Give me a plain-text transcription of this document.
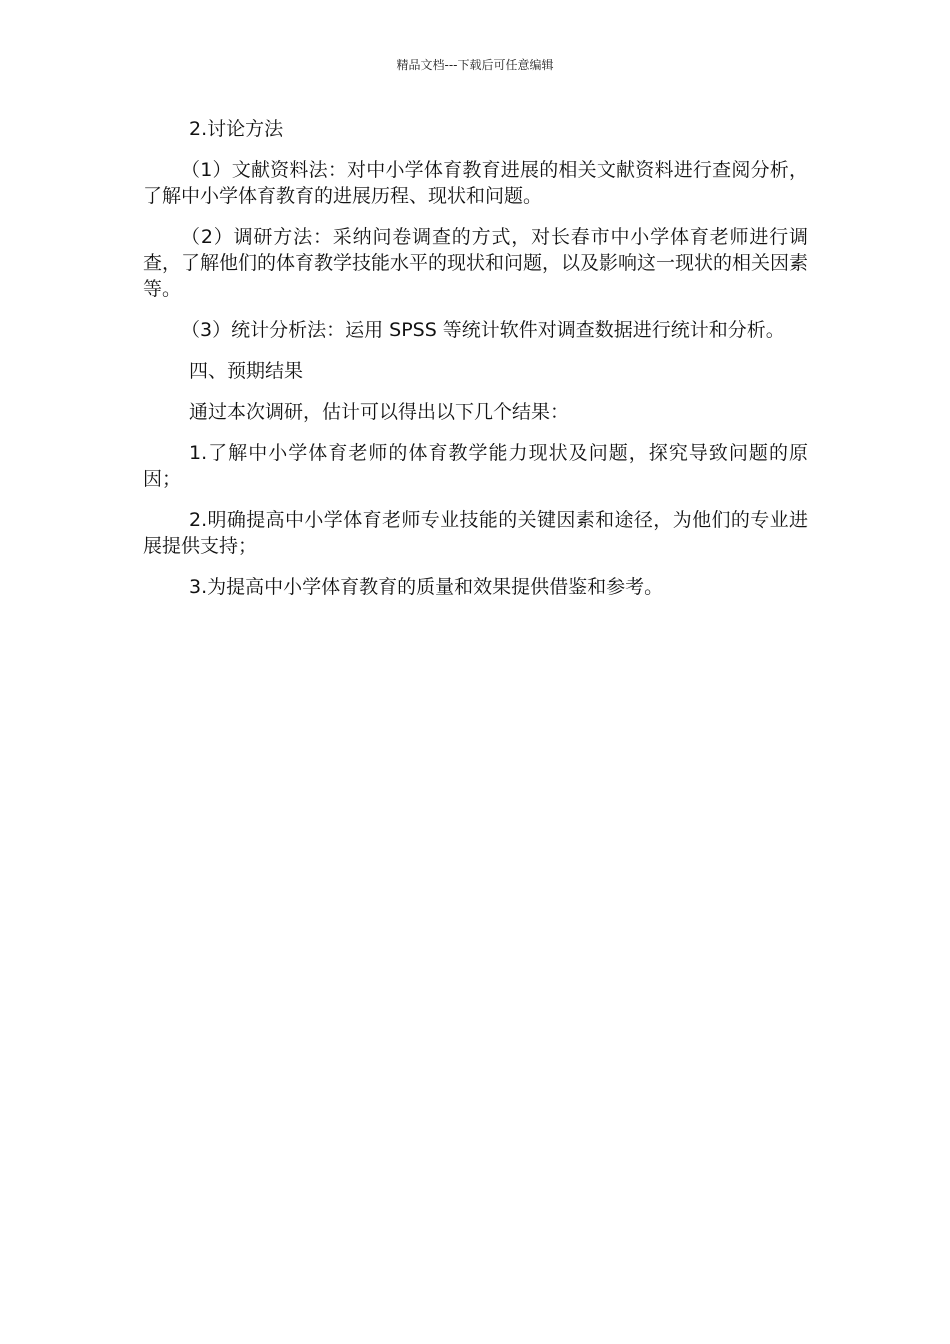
精品文档---下载后可任意编辑

2.讨论方法

（1）文献资料法：对中小学体育教育进展的相关文献资料进行查阅分析，了解中小学体育教育的进展历程、现状和问题。

（2）调研方法：采纳问卷调查的方式，对长春市中小学体育老师进行调查，了解他们的体育教学技能水平的现状和问题，以及影响这一现状的相关因素等。

（3）统计分析法：运用 SPSS 等统计软件对调查数据进行统计和分析。

四、预期结果

通过本次调研，估计可以得出以下几个结果：

1.了解中小学体育老师的体育教学能力现状及问题，探究导致问题的原因；

2.明确提高中小学体育老师专业技能的关键因素和途径，为他们的专业进展提供支持；

3.为提高中小学体育教育的质量和效果提供借鉴和参考。
